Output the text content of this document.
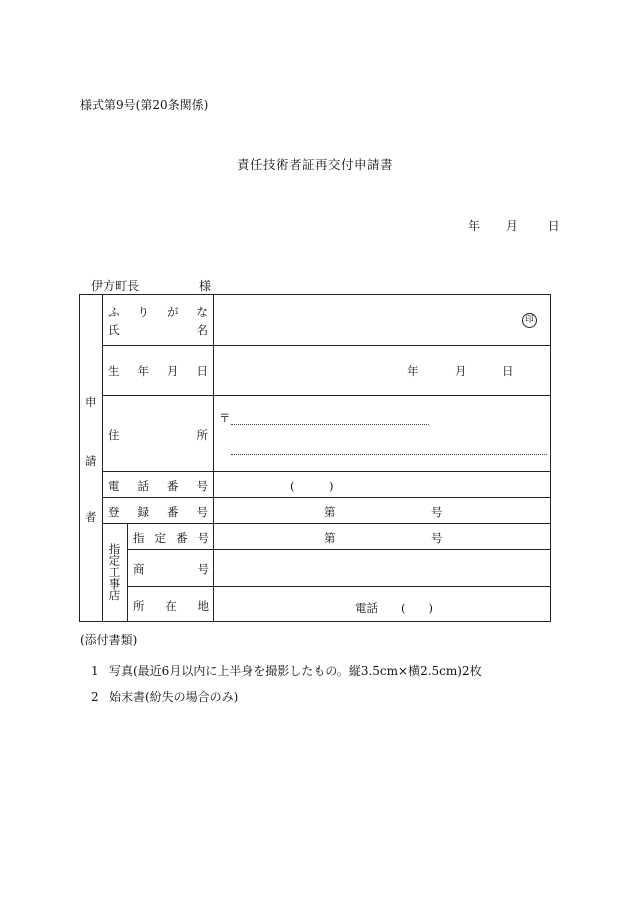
様式第9号(第20条関係)
責任技術者証再交付申請書
年 月 日
伊方町長	様
申
請
者
ふ り が な
氏	名
印
生 年 月 日	年	月	日
住	所
〒
電 話 番 号	(　　　)
登 録 番 号	第	号
指定工事店
指 定 番 号	第	号
商	号
所 在 地	電話　　(　　)
(添付書類)
1 写真(最近6月以内に上半身を撮影したもの。縦3.5cm×横2.5cm)2枚
2 始末書(紛失の場合のみ)
